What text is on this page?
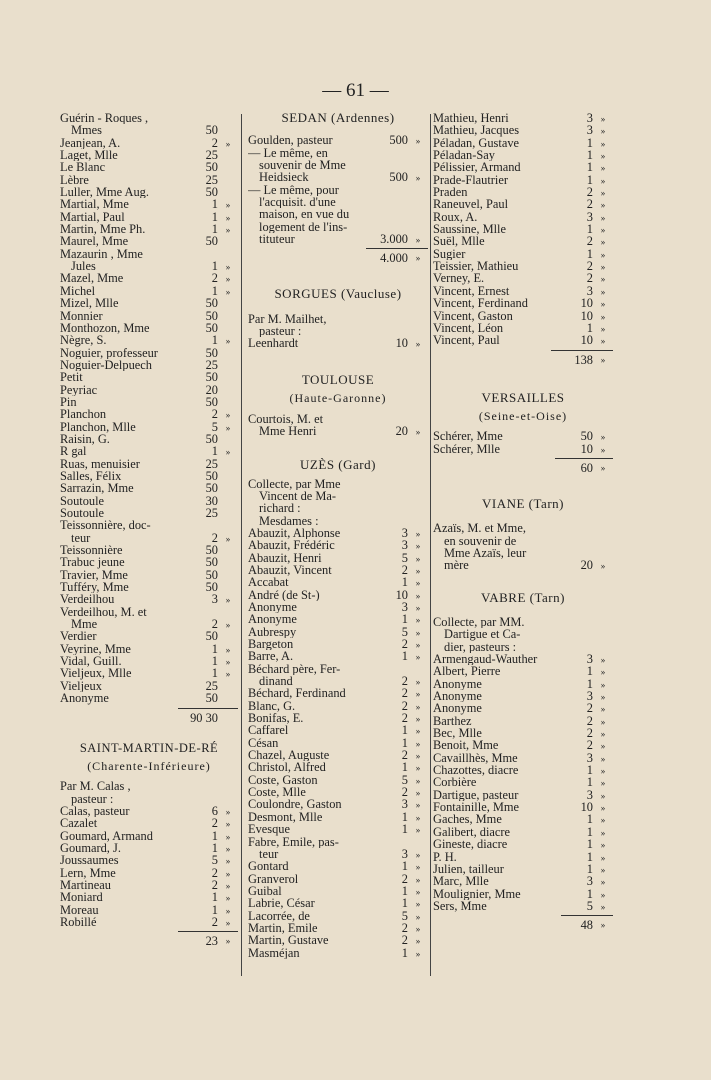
— 61 —
Guérin - Roques ,
Mmes	50
Jeanjean, A.	2 »
Laget, Mlle	25
Le Blanc	50
Lèbre	25
Luller, Mme Aug.	50
Martial, Mme	1 »
Martial, Paul	1 »
Martin, Mme Ph.	1 »
Maurel, Mme	50
Mazaurin , Mme
Jules	1 »
Mazel, Mme	2 »
Michel	1 »
Mizel, Mlle	50
Monnier	50
Monthozon, Mme	50
Nègre, S.	1 »
Noguier, professeur	50
Noguier-Delpuech	25
Petit	50
Peyriac	20
Pin	50
Planchon	2 »
Planchon, Mlle	5 »
Raisin, G.	50
R gal	1 »
Ruas, menuisier	25
Salles, Félix	50
Sarrazin, Mme	50
Soutoule	30
Soutoule	25
Teissonnière, doc-
teur	2 »
Teissonnière	50
Trabuc jeune	50
Travier, Mme	50
Tufféry, Mme	50
Verdeilhou	3 »
Verdeilhou, M. et
Mme	2 »
Verdier	50
Veyrine, Mme	1 »
Vidal, Guill.	1 »
Vieljeux, Mlle	1 »
Vieljeux	25
Anonyme	50
90 30
SAINT-MARTIN-DE-RÉ
(Charente-Inférieure)
Par M. Calas ,
pasteur :
Calas, pasteur	6 »
Cazalet	2 »
Goumard, Armand	1 »
Goumard, J.	1 »
Joussaumes	5 »
Lern, Mme	2 »
Martineau	2 »
Moniard	1 »
Moreau	1 »
Robillé	2 »
23 »
SEDAN (Ardennes)
Goulden, pasteur	500 »
— Le même, en
souvenir de Mme
Heidsieck	500 »
— Le même, pour
l'acquisit. d'une
maison, en vue du
logement de l'ins-
tituteur	3.000 »
4.000 »
SORGUES (Vaucluse)
Par M. Mailhet,
pasteur :
Leenhardt	10 »
TOULOUSE
(Haute-Garonne)
Courtois, M. et
Mme Henri	20 »
UZÈS (Gard)
Collecte, par Mme
Vincent de Ma-
richard :
Mesdames :
Abauzit, Alphonse	3 »
Abauzit, Frédéric	3 »
Abauzit, Henri	5 »
Abauzit, Vincent	2 »
Accabat	1 »
André (de St-)	10 »
Anonyme	3 »
Anonyme	1 »
Aubrespy	5 »
Bargeton	2 »
Barre, A.	1 »
Béchard père, Fer-
dinand	2 »
Béchard, Ferdinand	2 »
Blanc, G.	2 »
Bonifas, E.	2 »
Caffarel	1 »
Césan	1 »
Chazel, Auguste	2 »
Christol, Alfred	1 »
Coste, Gaston	5 »
Coste, Mlle	2 »
Coulondre, Gaston	3 »
Desmont, Mlle	1 »
Evesque	1 »
Fabre, Emile, pas-
teur	3 »
Gontard	1 »
Granverol	2 »
Guibal	1 »
Labrie, César	1 »
Lacorrée, de	5 »
Martin, Emile	2 »
Martin, Gustave	2 »
Masméjan	1 »
Mathieu, Henri	3 »
Mathieu, Jacques	3 »
Péladan, Gustave	1 »
Péladan-Say	1 »
Pélissier, Armand	1 »
Prade-Flautrier	1 »
Praden	2 »
Raneuvel, Paul	2 »
Roux, A.	3 »
Saussine, Mlle	1 »
Suël, Mlle	2 »
Sugier	1 »
Teissier, Mathieu	2 »
Verney, E.	2 »
Vincent, Ernest	3 »
Vincent, Ferdinand	10 »
Vincent, Gaston	10 »
Vincent, Léon	1 »
Vincent, Paul	10 »
138 »
VERSAILLES
(Seine-et-Oise)
Schérer, Mme	50 »
Schérer, Mlle	10 »
60 »
VIANE (Tarn)
Azaïs, M. et Mme,
en souvenir de
Mme Azaïs, leur
mère	20 »
VABRE (Tarn)
Collecte, par MM.
Dartigue et Ca-
dier, pasteurs :
Armengaud-Wauther	3 »
Albert, Pierre	1 »
Anonyme	1 »
Anonyme	3 »
Anonyme	2 »
Barthez	2 »
Bec, Mlle	2 »
Benoit, Mme	2 »
Cavaillhès, Mme	3 »
Chazottes, diacre	1 »
Corbière	1 »
Dartigue, pasteur	3 »
Fontainille, Mme	10 »
Gaches, Mme	1 »
Galibert, diacre	1 »
Gineste, diacre	1 »
P. H.	1 »
Julien, tailleur	1 »
Marc, Mlle	3 »
Moulignier, Mme	1 »
Sers, Mme	5 »
48 »
